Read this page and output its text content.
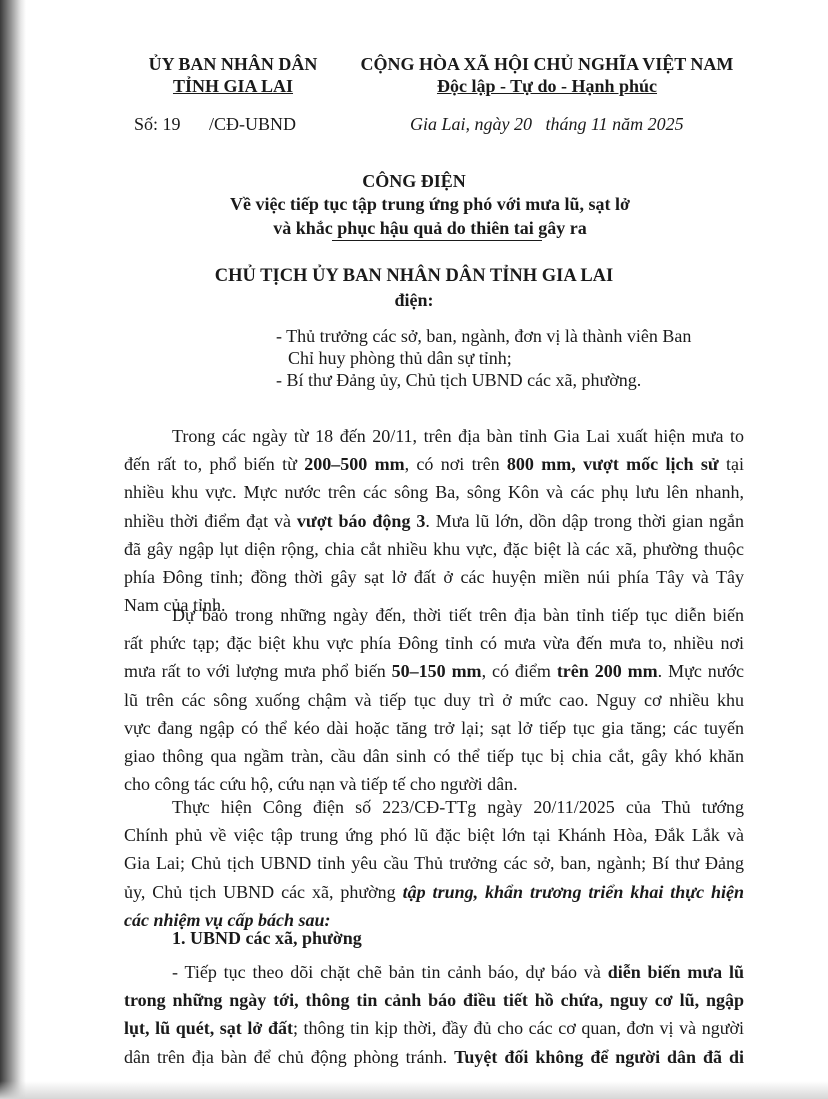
ỦY BAN NHÂN DÂN
TỈNH GIA LAI
CỘNG HÒA XÃ HỘI CHỦ NGHĨA VIỆT NAM
Độc lập - Tự do - Hạnh phúc
Số: 19 /CĐ-UBND	Gia Lai, ngày 20   tháng 11 năm 2025
CÔNG ĐIỆN
Về việc tiếp tục tập trung ứng phó với mưa lũ, sạt lở
và khắc phục hậu quả do thiên tai gây ra
CHỦ TỊCH ỦY BAN NHÂN DÂN TỈNH GIA LAI
điện:
- Thủ trưởng các sở, ban, ngành, đơn vị là thành viên Ban
Chỉ huy phòng thủ dân sự tỉnh;
- Bí thư Đảng ủy, Chủ tịch UBND các xã, phường.
Trong các ngày từ 18 đến 20/11, trên địa bàn tỉnh Gia Lai xuất hiện mưa to
đến rất to, phổ biến từ 200–500 mm, có nơi trên 800 mm, vượt mốc lịch sử tại
nhiều khu vực. Mực nước trên các sông Ba, sông Kôn và các phụ lưu lên nhanh,
nhiều thời điểm đạt và vượt báo động 3. Mưa lũ lớn, dồn dập trong thời gian ngắn
đã gây ngập lụt diện rộng, chia cắt nhiều khu vực, đặc biệt là các xã, phường thuộc
phía Đông tỉnh; đồng thời gây sạt lở đất ở các huyện miền núi phía Tây và Tây
Nam của tỉnh.
Dự báo trong những ngày đến, thời tiết trên địa bàn tỉnh tiếp tục diễn biến
rất phức tạp; đặc biệt khu vực phía Đông tỉnh có mưa vừa đến mưa to, nhiều nơi
mưa rất to với lượng mưa phổ biến 50–150 mm, có điểm trên 200 mm. Mực nước
lũ trên các sông xuống chậm và tiếp tục duy trì ở mức cao. Nguy cơ nhiều khu
vực đang ngập có thể kéo dài hoặc tăng trở lại; sạt lở tiếp tục gia tăng; các tuyến
giao thông qua ngầm tràn, cầu dân sinh có thể tiếp tục bị chia cắt, gây khó khăn
cho công tác cứu hộ, cứu nạn và tiếp tế cho người dân.
Thực hiện Công điện số 223/CĐ-TTg ngày 20/11/2025 của Thủ tướng
Chính phủ về việc tập trung ứng phó lũ đặc biệt lớn tại Khánh Hòa, Đắk Lắk và
Gia Lai; Chủ tịch UBND tỉnh yêu cầu Thủ trưởng các sở, ban, ngành; Bí thư Đảng
ủy, Chủ tịch UBND các xã, phường tập trung, khẩn trương triển khai thực hiện
các nhiệm vụ cấp bách sau:
1. UBND các xã, phường
- Tiếp tục theo dõi chặt chẽ bản tin cảnh báo, dự báo và diễn biến mưa lũ
trong những ngày tới, thông tin cảnh báo điều tiết hồ chứa, nguy cơ lũ, ngập
lụt, lũ quét, sạt lở đất; thông tin kịp thời, đầy đủ cho các cơ quan, đơn vị và người
dân trên địa bàn để chủ động phòng tránh. Tuyệt đối không để người dân đã di
